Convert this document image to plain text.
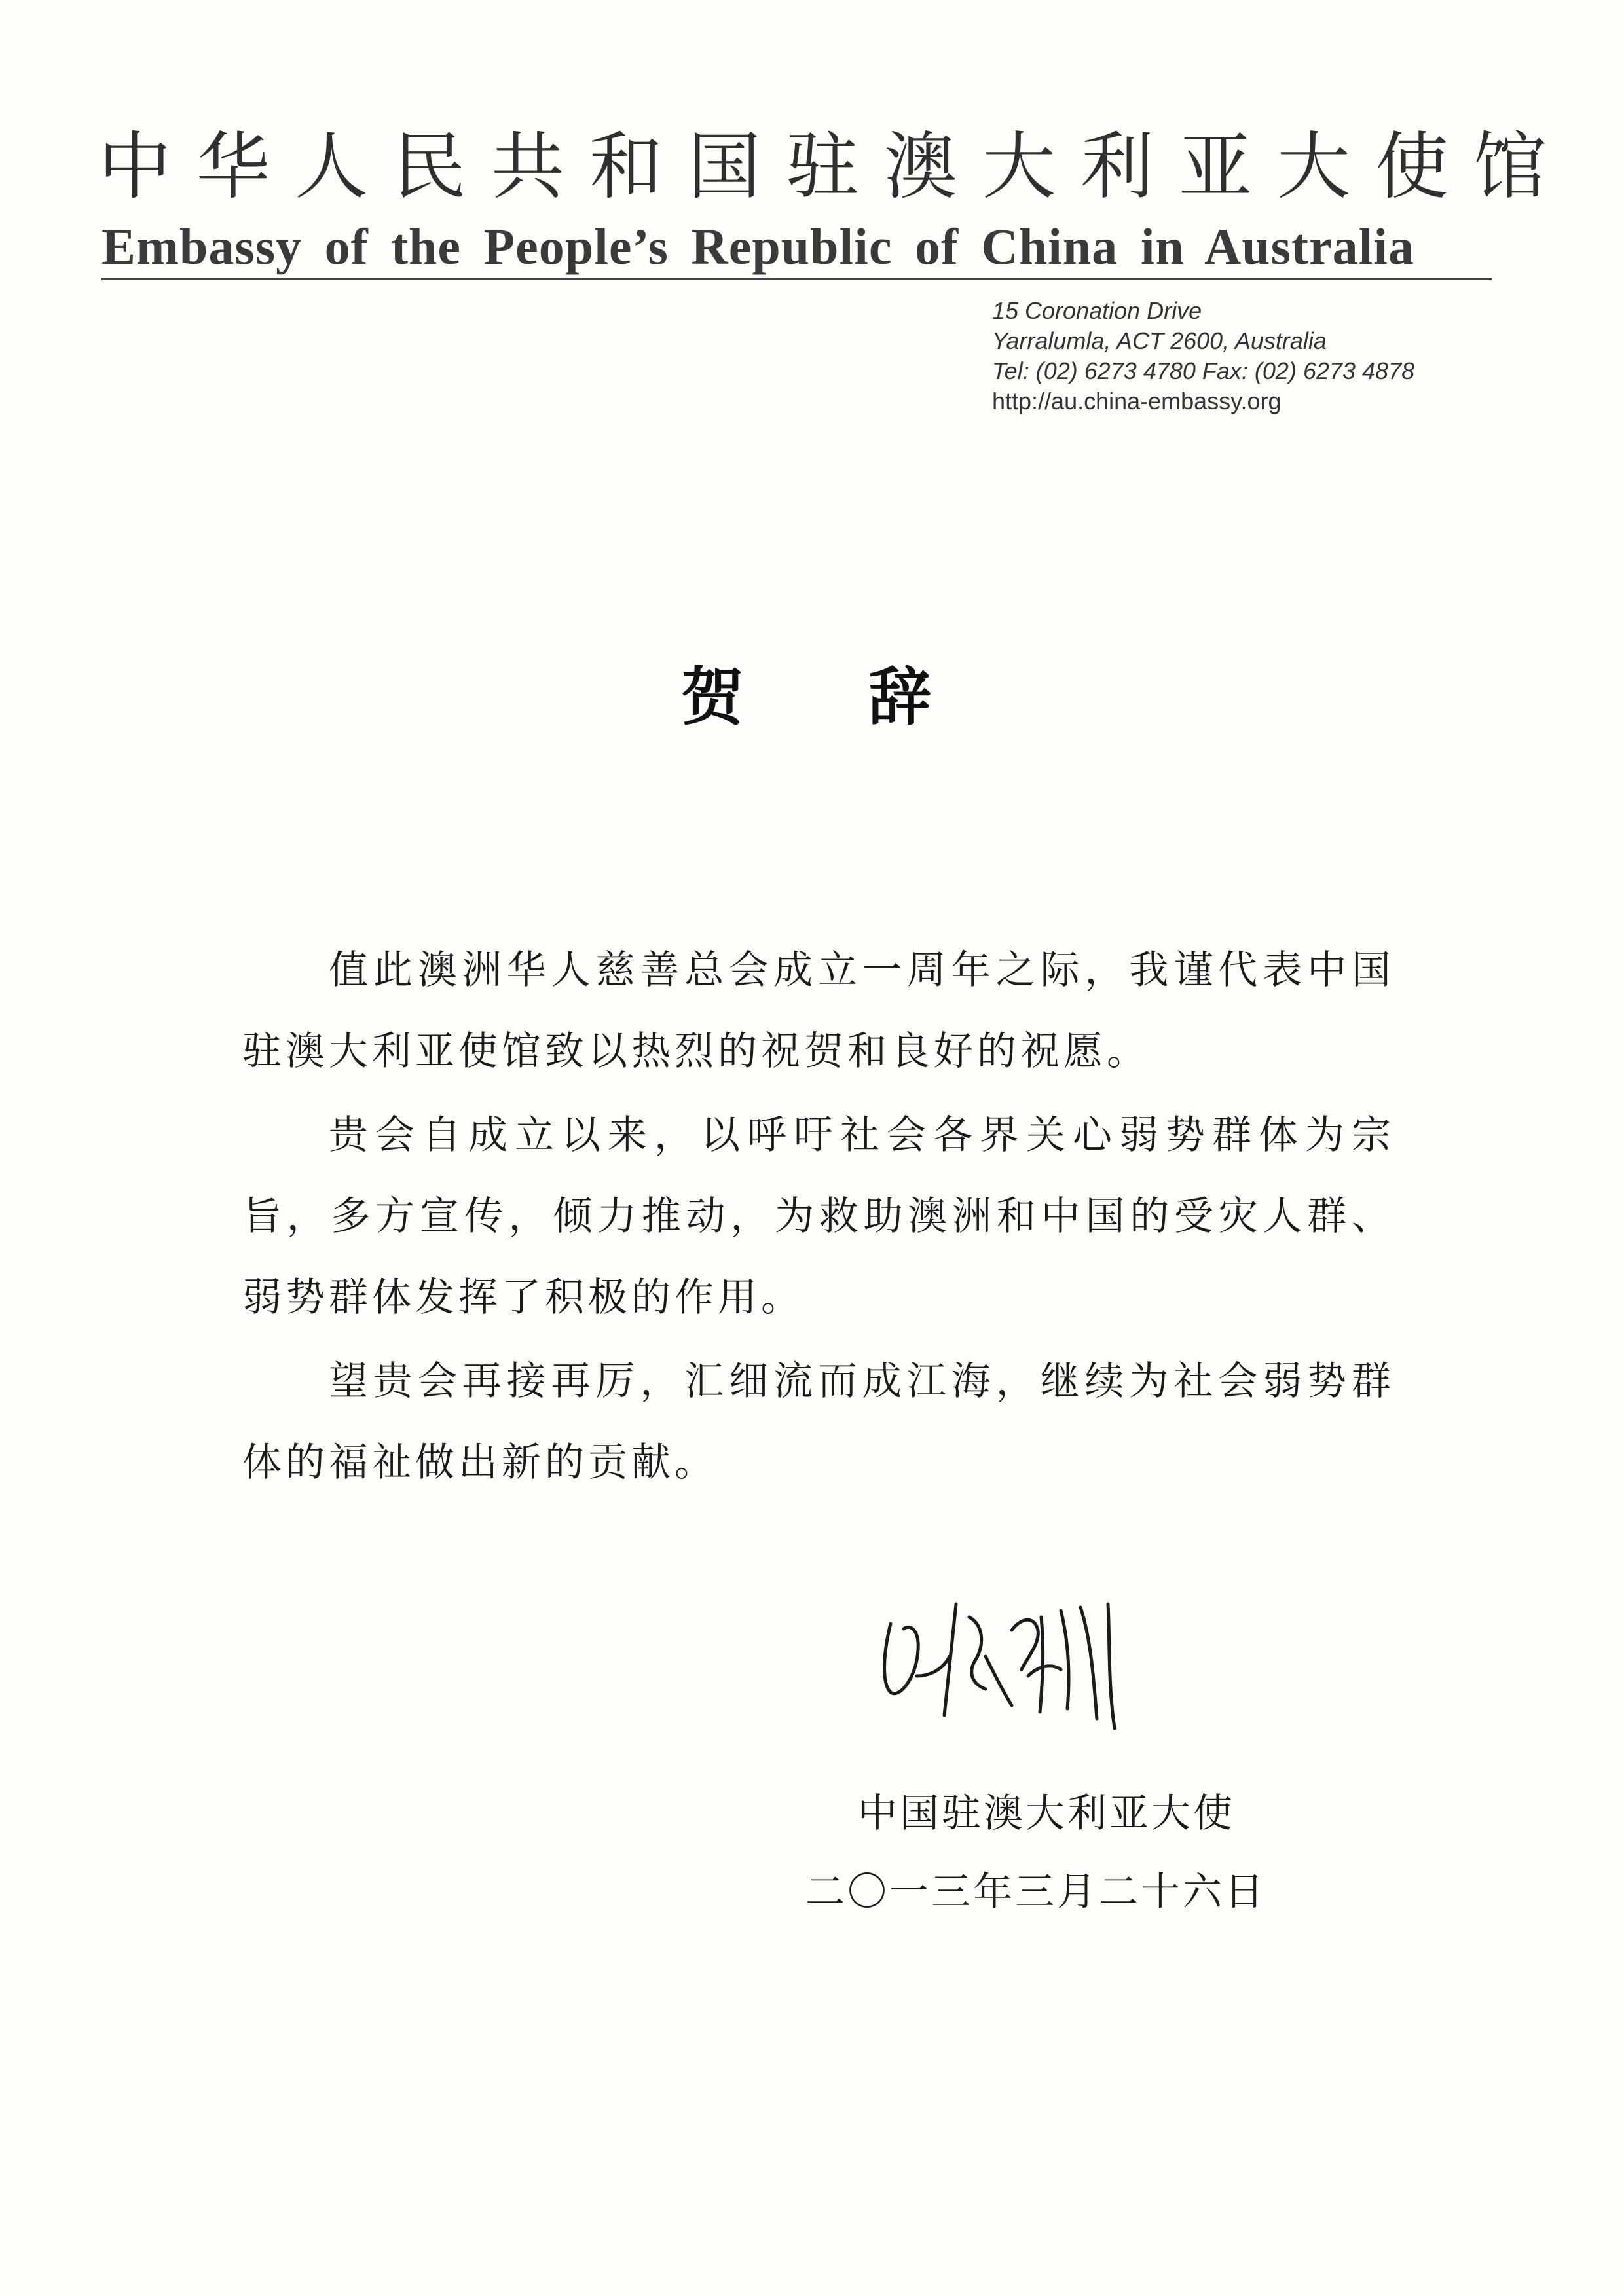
中华人民共和国驻澳大利亚大使馆
Embassy of the People’s Republic of China in Australia
15 Coronation Drive
Yarralumla, ACT 2600, Australia
Tel: (02) 6273 4780 Fax: (02) 6273 4878
http://au.china-embassy.org
贺 辞

值此澳洲华人慈善总会成立一周年之际，我谨代表中国驻澳大利亚使馆致以热烈的祝贺和良好的祝愿。

贵会自成立以来，以呼吁社会各界关心弱势群体为宗旨，多方宣传，倾力推动，为救助澳洲和中国的受灾人群、弱势群体发挥了积极的作用。

望贵会再接再厉，汇细流而成江海，继续为社会弱势群体的福祉做出新的贡献。

中国驻澳大利亚大使
二〇一三年三月二十六日
